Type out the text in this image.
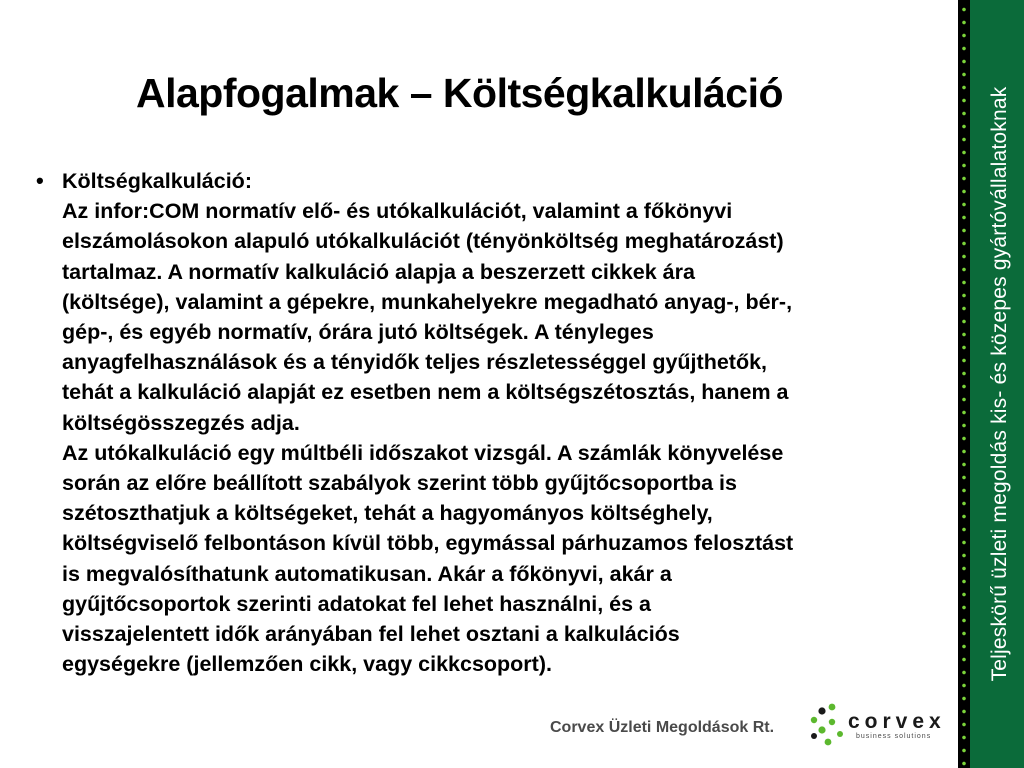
Alapfogalmak – Költségkalkuláció
• Költségkalkuláció:
Az infor:COM normatív elő- és utókalkulációt, valamint a főkönyvi
elszámolásokon alapuló utókalkulációt (tényönköltség meghatározást)
tartalmaz. A normatív kalkuláció alapja a beszerzett cikkek ára
(költsége), valamint a gépekre, munkahelyekre megadható anyag-, bér-,
gép-, és egyéb normatív, órára jutó költségek. A tényleges
anyagfelhasználások és a tényidők teljes részletességgel gyűjthetők,
tehát a kalkuláció alapját ez esetben nem a költségszétosztás, hanem a
költségösszegzés adja.
Az utókalkuláció egy múltbéli időszakot vizsgál. A számlák könyvelése
során az előre beállított szabályok szerint több gyűjtőcsoportba is
szétoszthatjuk a költségeket, tehát a hagyományos költséghely,
költségviselő felbontáson kívül több, egymással párhuzamos felosztást
is megvalósíthatunk automatikusan. Akár a főkönyvi, akár a
gyűjtőcsoportok szerinti adatokat fel lehet használni, és a
visszajelentett idők arányában fel lehet osztani a kalkulációs
egységekre (jellemzően cikk, vagy cikkcsoport).
Corvex Üzleti Megoldások Rt.	corvex
business solutions
Teljeskörű üzleti megoldás kis- és közepes gyártóvállalatoknak
